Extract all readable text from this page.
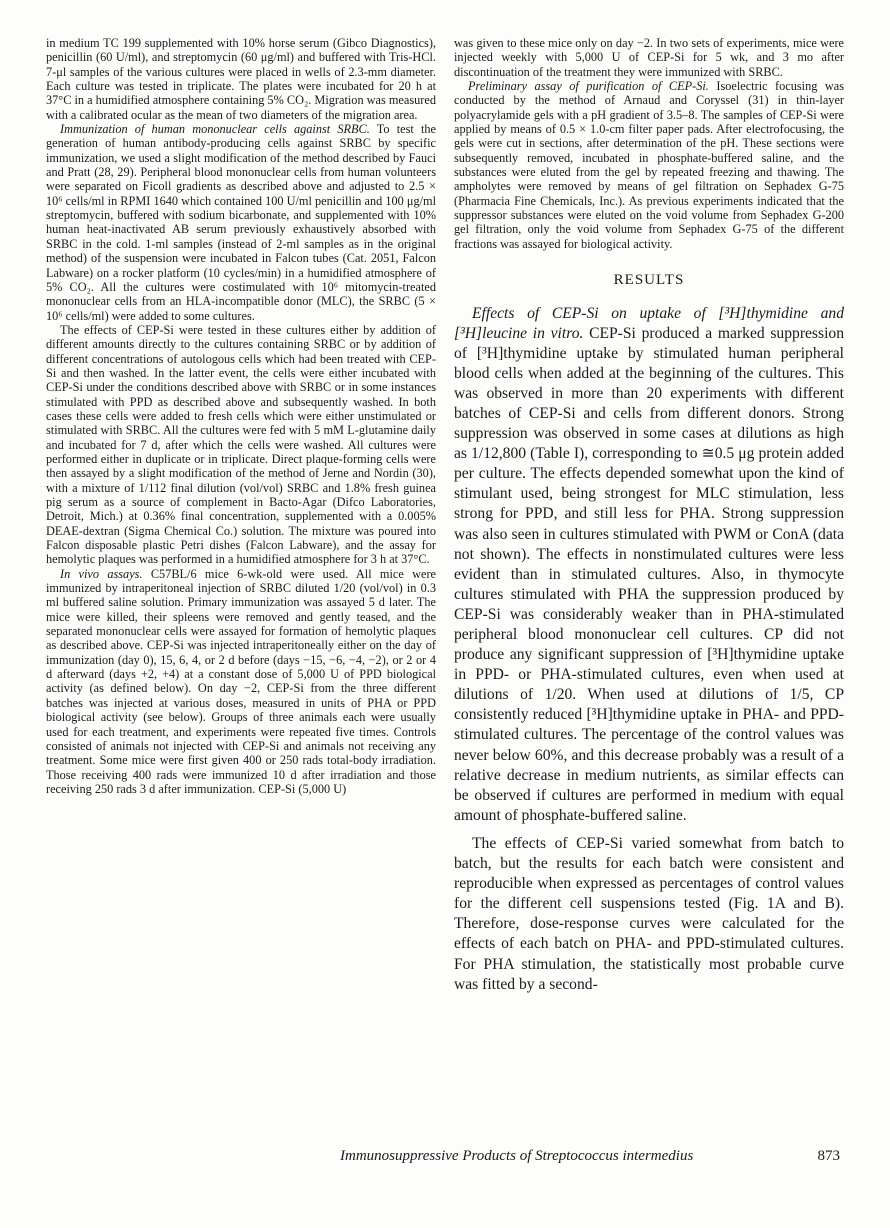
in medium TC 199 supplemented with 10% horse serum (Gibco Diagnostics), penicillin (60 U/ml), and streptomycin (60 μg/ml) and buffered with Tris-HCl. 7-μl samples of the various cultures were placed in wells of 2.3-mm diameter. Each culture was tested in triplicate. The plates were incubated for 20 h at 37°C in a humidified atmosphere containing 5% CO₂. Migration was measured with a calibrated ocular as the mean of two diameters of the migration area.

Immunization of human mononuclear cells against SRBC. To test the generation of human antibody-producing cells against SRBC by specific immunization, we used a slight modification of the method described by Fauci and Pratt (28, 29). Peripheral blood mononuclear cells from human volunteers were separated on Ficoll gradients as described above and adjusted to 2.5 × 10⁶ cells/ml in RPMI 1640 which contained 100 U/ml penicillin and 100 μg/ml streptomycin, buffered with sodium bicarbonate, and supplemented with 10% human heat-inactivated AB serum previously exhaustively absorbed with SRBC in the cold. 1-ml samples (instead of 2-ml samples as in the original method) of the suspension were incubated in Falcon tubes (Cat. 2051, Falcon Labware) on a rocker platform (10 cycles/min) in a humidified atmosphere of 5% CO₂. All the cultures were costimulated with 10⁶ mitomycin-treated mononuclear cells from an HLA-incompatible donor (MLC), the SRBC (5 × 10⁶ cells/ml) were added to some cultures.

The effects of CEP-Si were tested in these cultures either by addition of different amounts directly to the cultures containing SRBC or by addition of different concentrations of autologous cells which had been treated with CEP-Si and then washed. In the latter event, the cells were either incubated with CEP-Si under the conditions described above with SRBC or in some instances stimulated with PPD as described above and subsequently washed. In both cases these cells were added to fresh cells which were either unstimulated or stimulated with SRBC. All the cultures were fed with 5 mM L-glutamine daily and incubated for 7 d, after which the cells were washed. All cultures were performed either in duplicate or in triplicate. Direct plaque-forming cells were then assayed by a slight modification of the method of Jerne and Nordin (30), with a mixture of 1/112 final dilution (vol/vol) SRBC and 1.8% fresh guinea pig serum as a source of complement in Bacto-Agar (Difco Laboratories, Detroit, Mich.) at 0.36% final concentration, supplemented with a 0.005% DEAE-dextran (Sigma Chemical Co.) solution. The mixture was poured into Falcon disposable plastic Petri dishes (Falcon Labware), and the assay for hemolytic plaques was performed in a humidified atmosphere for 3 h at 37°C.

In vivo assays. C57BL/6 mice 6-wk-old were used. All mice were immunized by intraperitoneal injection of SRBC diluted 1/20 (vol/vol) in 0.3 ml buffered saline solution. Primary immunization was assayed 5 d later. The mice were killed, their spleens were removed and gently teased, and the separated mononuclear cells were assayed for formation of hemolytic plaques as described above. CEP-Si was injected intraperitoneally either on the day of immunization (day 0), 15, 6, 4, or 2 d before (days −15, −6, −4, −2), or 2 or 4 d afterward (days +2, +4) at a constant dose of 5,000 U of PPD biological activity (as defined below). On day −2, CEP-Si from the three different batches was injected at various doses, measured in units of PHA or PPD biological activity (see below). Groups of three animals each were usually used for each treatment, and experiments were repeated five times. Controls consisted of animals not injected with CEP-Si and animals not receiving any treatment. Some mice were first given 400 or 250 rads total-body irradiation. Those receiving 400 rads were immunized 10 d after irradiation and those receiving 250 rads 3 d after immunization. CEP-Si (5,000 U)

was given to these mice only on day −2. In two sets of experiments, mice were injected weekly with 5,000 U of CEP-Si for 5 wk, and 3 mo after discontinuation of the treatment they were immunized with SRBC.

Preliminary assay of purification of CEP-Si. Isoelectric focusing was conducted by the method of Arnaud and Coryssel (31) in thin-layer polyacrylamide gels with a pH gradient of 3.5–8. The samples of CEP-Si were applied by means of 0.5 × 1.0-cm filter paper pads. After electrofocusing, the gels were cut in sections, after determination of the pH. These sections were subsequently removed, incubated in phosphate-buffered saline, and the substances were eluted from the gel by repeated freezing and thawing. The ampholytes were removed by means of gel filtration on Sephadex G-75 (Pharmacia Fine Chemicals, Inc.). As previous experiments indicated that the suppressor substances were eluted on the void volume from Sephadex G-200 gel filtration, only the void volume from Sephadex G-75 of the different fractions was assayed for biological activity.

RESULTS

Effects of CEP-Si on uptake of [³H]thymidine and [³H]leucine in vitro. CEP-Si produced a marked suppression of [³H]thymidine uptake by stimulated human peripheral blood cells when added at the beginning of the cultures. This was observed in more than 20 experiments with different batches of CEP-Si and cells from different donors. Strong suppression was observed in some cases at dilutions as high as 1/12,800 (Table I), corresponding to ≅0.5 μg protein added per culture. The effects depended somewhat upon the kind of stimulant used, being strongest for MLC stimulation, less strong for PPD, and still less for PHA. Strong suppression was also seen in cultures stimulated with PWM or ConA (data not shown). The effects in nonstimulated cultures were less evident than in stimulated cultures. Also, in thymocyte cultures stimulated with PHA the suppression produced by CEP-Si was considerably weaker than in PHA-stimulated peripheral blood mononuclear cell cultures. CP did not produce any significant suppression of [³H]thymidine uptake in PPD- or PHA-stimulated cultures, even when used at dilutions of 1/20. When used at dilutions of 1/5, CP consistently reduced [³H]thymidine uptake in PHA- and PPD-stimulated cultures. The percentage of the control values was never below 60%, and this decrease probably was a result of a relative decrease in medium nutrients, as similar effects can be observed if cultures are performed in medium with equal amount of phosphate-buffered saline.

The effects of CEP-Si varied somewhat from batch to batch, but the results for each batch were consistent and reproducible when expressed as percentages of control values for the different cell suspensions tested (Fig. 1A and B). Therefore, dose-response curves were calculated for the effects of each batch on PHA- and PPD-stimulated cultures. For PHA stimulation, the statistically most probable curve was fitted by a second-

Immunosuppressive Products of Streptococcus intermedius	873
